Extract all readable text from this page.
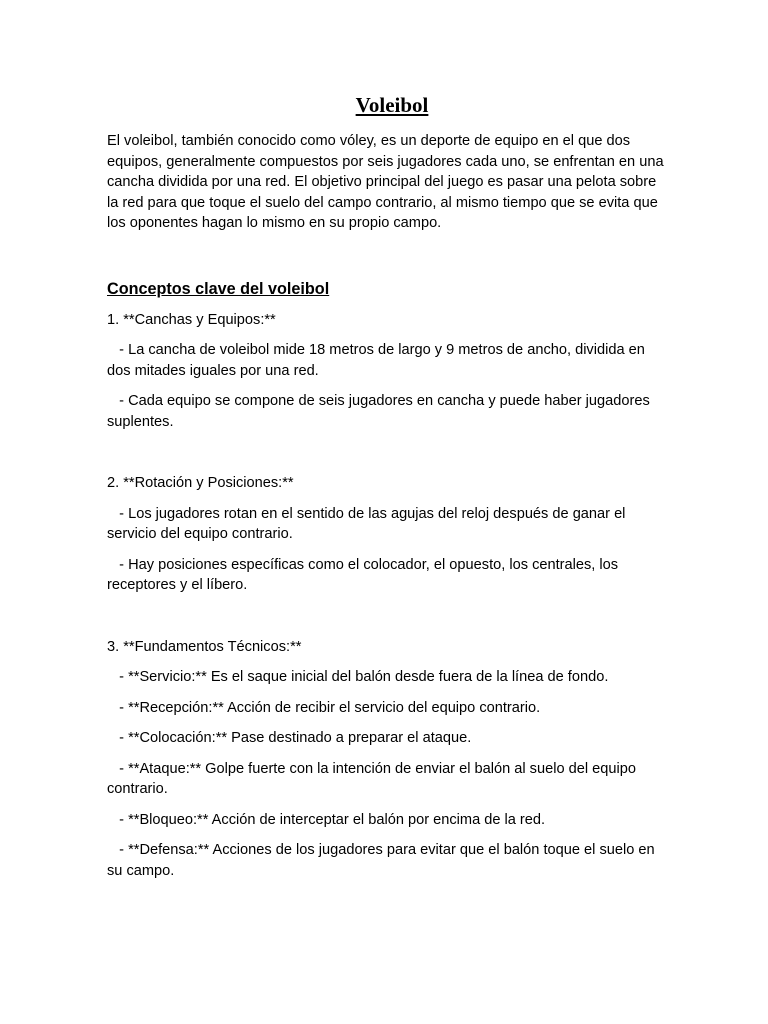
Voleibol

El voleibol, también conocido como vóley, es un deporte de equipo en el que dos equipos, generalmente compuestos por seis jugadores cada uno, se enfrentan en una cancha dividida por una red. El objetivo principal del juego es pasar una pelota sobre la red para que toque el suelo del campo contrario, al mismo tiempo que se evita que los oponentes hagan lo mismo en su propio campo.

Conceptos clave del voleibol

1. **Canchas y Equipos:**

- La cancha de voleibol mide 18 metros de largo y 9 metros de ancho, dividida en dos mitades iguales por una red.

- Cada equipo se compone de seis jugadores en cancha y puede haber jugadores suplentes.

2. **Rotación y Posiciones:**

- Los jugadores rotan en el sentido de las agujas del reloj después de ganar el servicio del equipo contrario.

- Hay posiciones específicas como el colocador, el opuesto, los centrales, los receptores y el líbero.

3. **Fundamentos Técnicos:**

- **Servicio:** Es el saque inicial del balón desde fuera de la línea de fondo.

- **Recepción:** Acción de recibir el servicio del equipo contrario.

- **Colocación:** Pase destinado a preparar el ataque.

- **Ataque:** Golpe fuerte con la intención de enviar el balón al suelo del equipo contrario.

- **Bloqueo:** Acción de interceptar el balón por encima de la red.

- **Defensa:** Acciones de los jugadores para evitar que el balón toque el suelo en su campo.
